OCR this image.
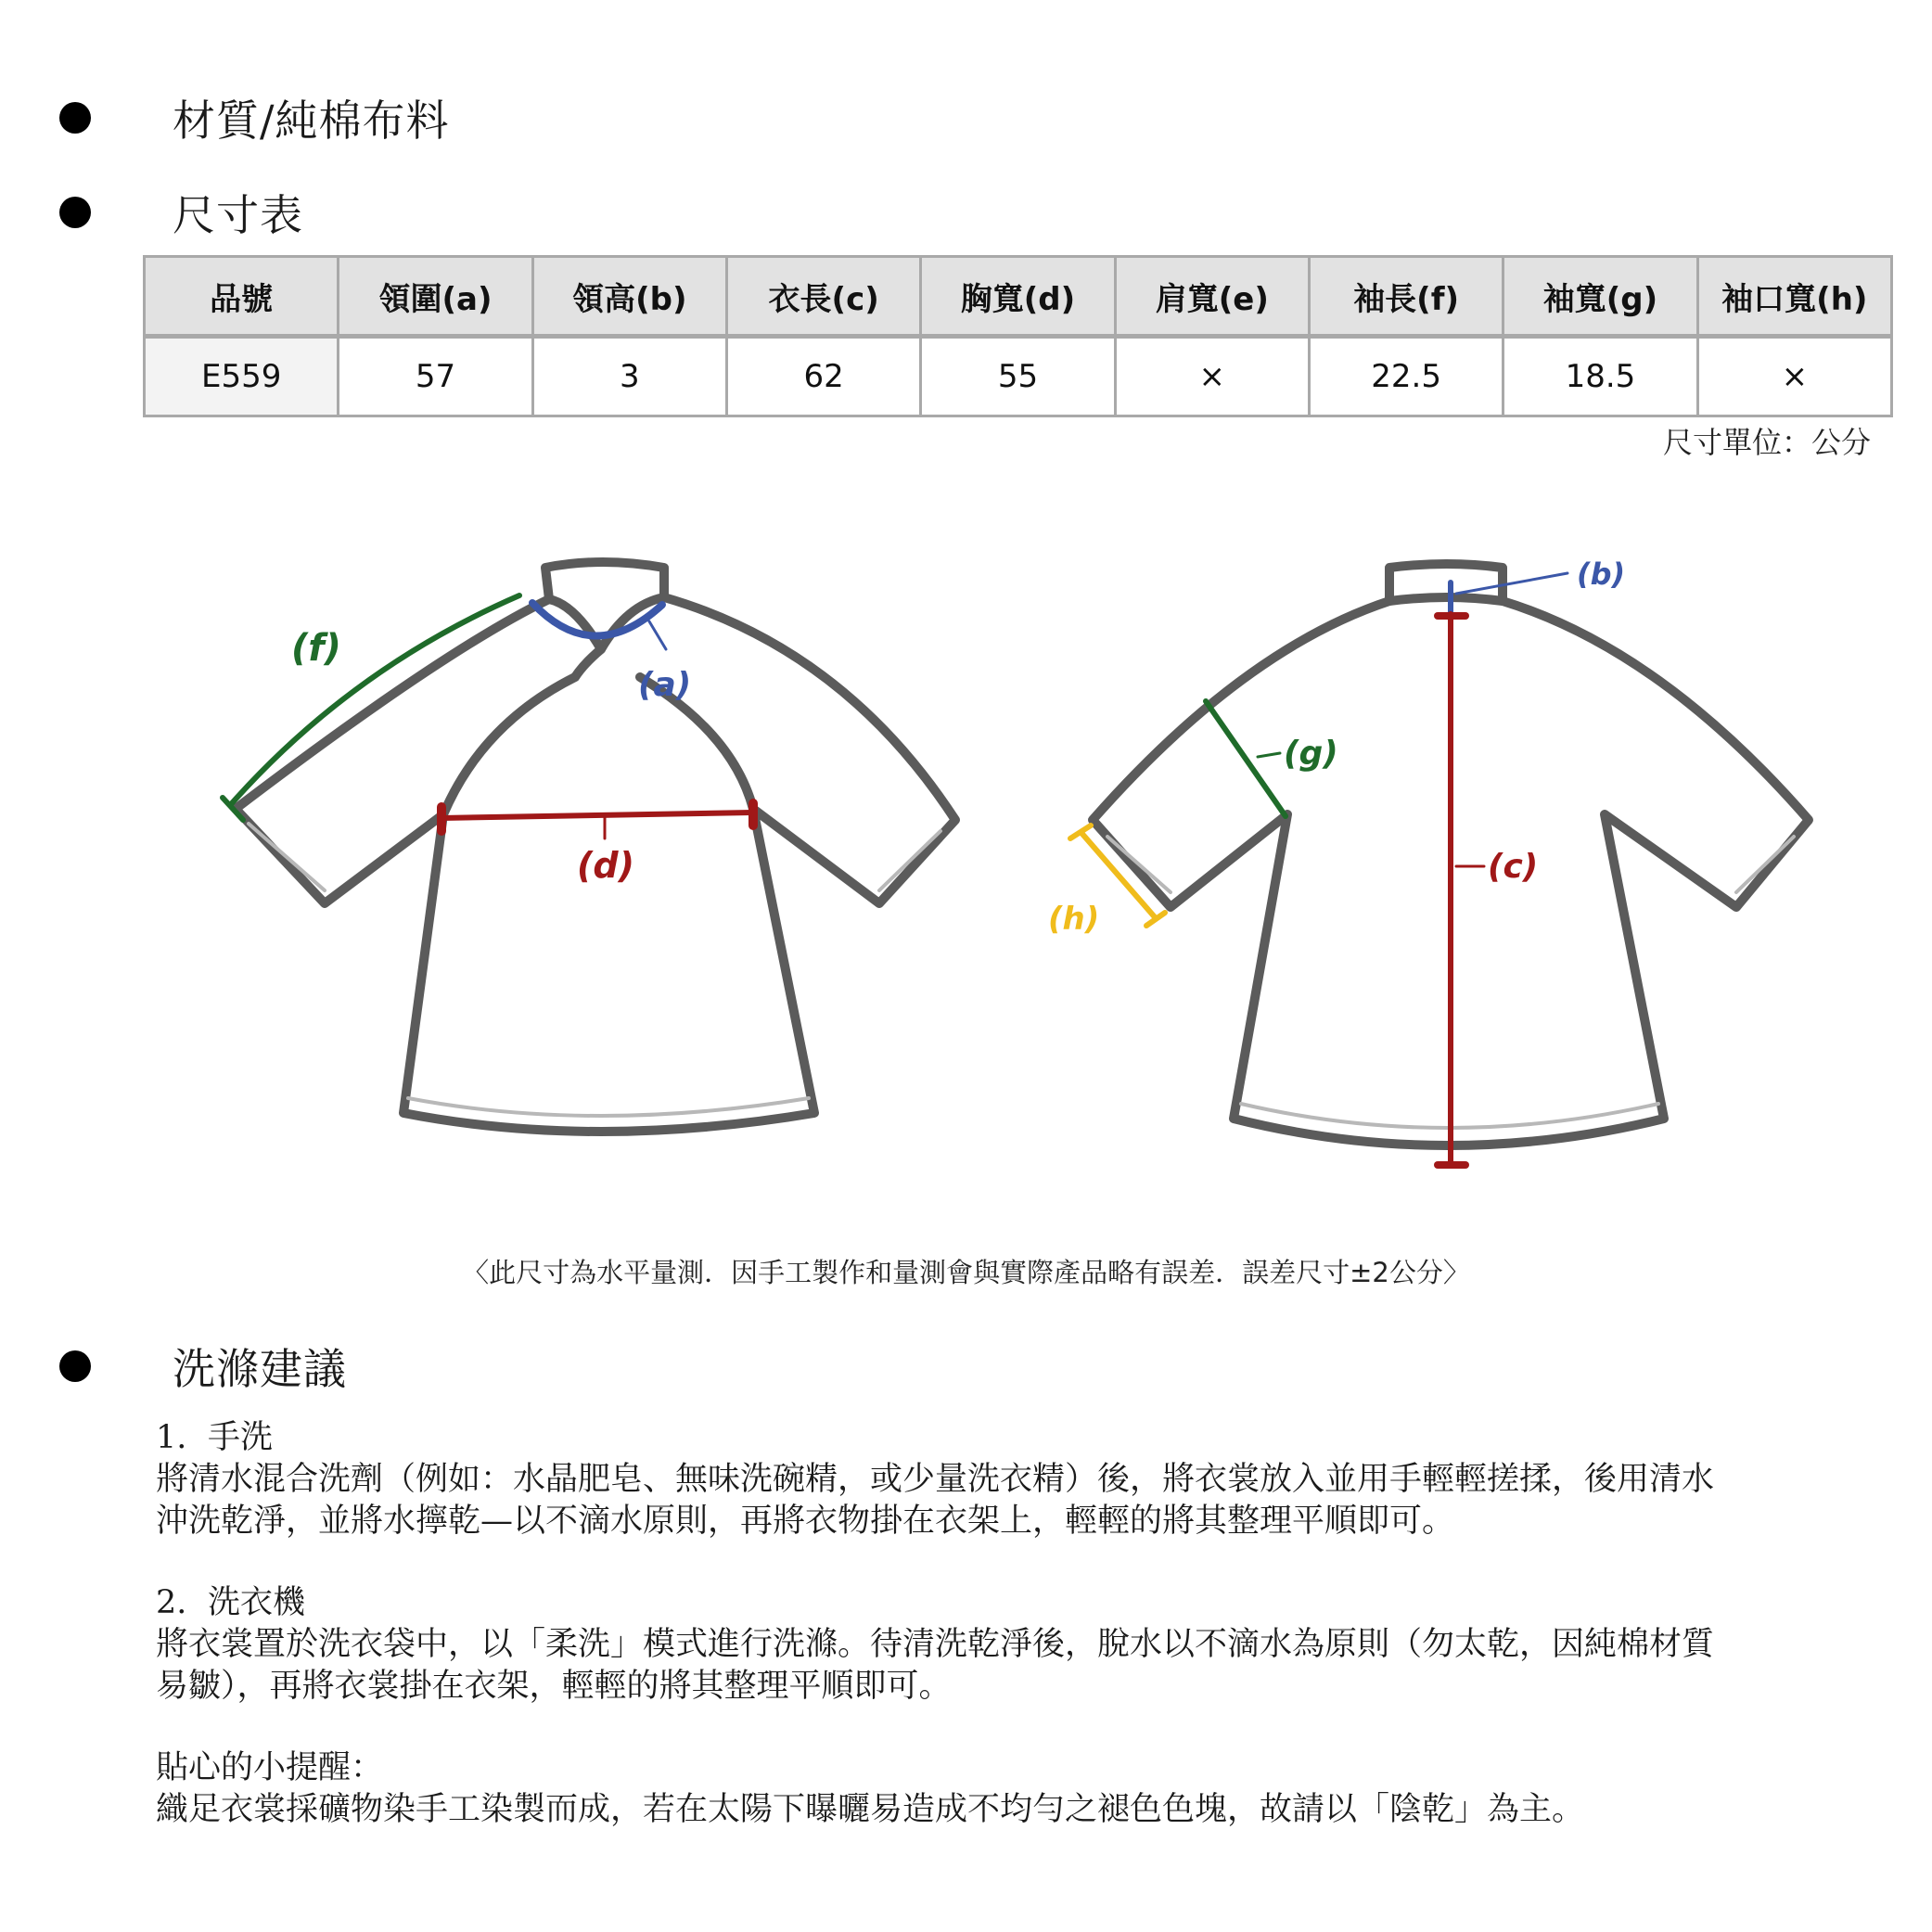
材質/純棉布料
尺寸表
品號	領圍(a)	領高(b)	衣長(c)	胸寬(d)	肩寬(e)	袖長(f)	袖寬(g)	袖口寬(h)
E559	57	3	62	55	×	22.5	18.5	×
尺寸單位：公分
(f)
(a)
(d)
(b)
(g)
(c)
(h)
〈此尺寸為水平量測．因手工製作和量測會與實際產品略有誤差．誤差尺寸±2公分〉
洗滌建議

1. 手洗

將清水混合洗劑（例如：水晶肥皂、無味洗碗精，或少量洗衣精）後，將衣裳放入並用手輕輕搓揉，後用清水

沖洗乾淨，並將水擰乾—以不滴水原則，再將衣物掛在衣架上，輕輕的將其整理平順即可。

2. 洗衣機

將衣裳置於洗衣袋中，以「柔洗」模式進行洗滌。待清洗乾淨後，脫水以不滴水為原則（勿太乾，因純棉材質

易皺），再將衣裳掛在衣架，輕輕的將其整理平順即可。

貼心的小提醒：

織足衣裳採礦物染手工染製而成，若在太陽下曝曬易造成不均勻之褪色色塊，故請以「陰乾」為主。
